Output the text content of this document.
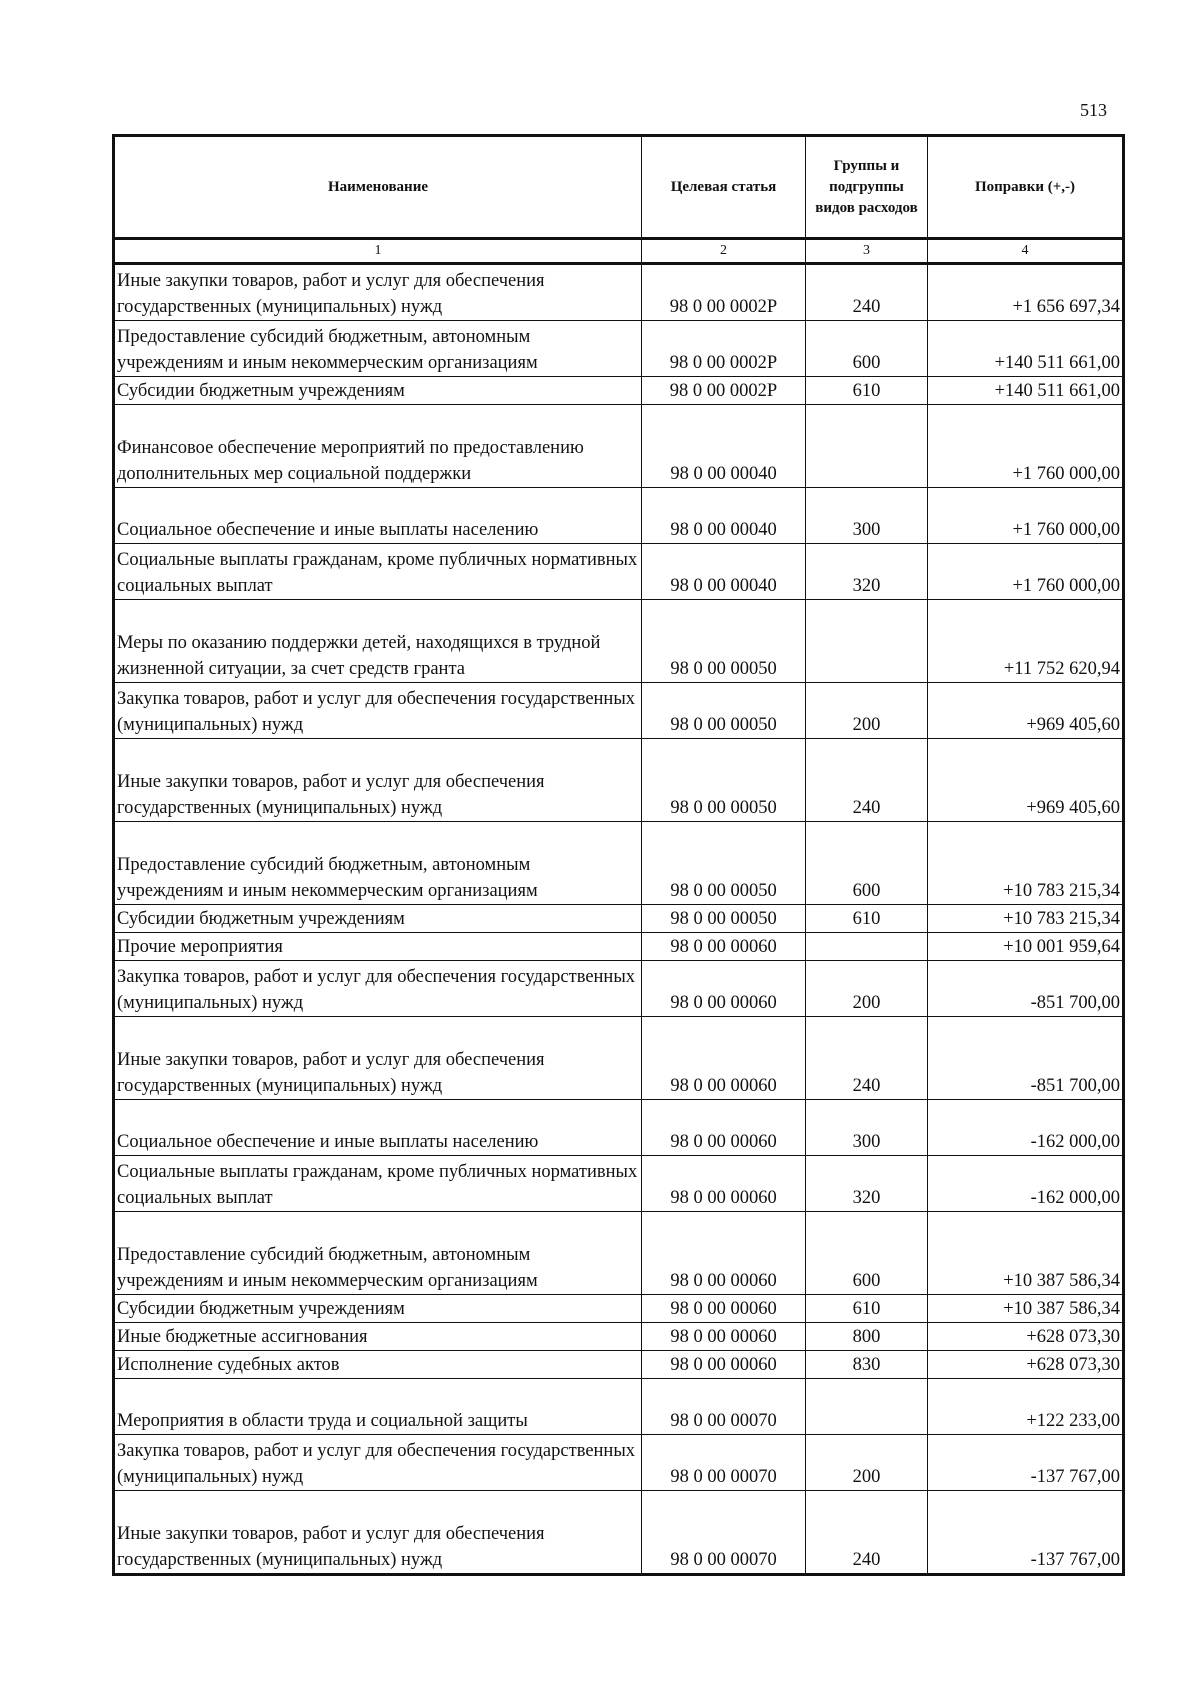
513
Наименование	Целевая статья	Группы и подгруппы видов расходов	Поправки (+,-)
1	2	3	4
Иные закупки товаров, работ и услуг для обеспечения государственных (муниципальных) нужд	98 0 00 0002Р	240	+1 656 697,34
Предоставление субсидий бюджетным, автономным учреждениям и иным некоммерческим организациям	98 0 00 0002Р	600	+140 511 661,00
Субсидии бюджетным учреждениям	98 0 00 0002Р	610	+140 511 661,00
Финансовое обеспечение мероприятий по предоставлению дополнительных мер социальной поддержки	98 0 00 00040		+1 760 000,00
Социальное обеспечение и иные выплаты населению	98 0 00 00040	300	+1 760 000,00
Социальные выплаты гражданам, кроме публичных нормативных социальных выплат	98 0 00 00040	320	+1 760 000,00
Меры по оказанию поддержки детей, находящихся в трудной жизненной ситуации, за счет средств гранта	98 0 00 00050		+11 752 620,94
Закупка товаров, работ и услуг для обеспечения государственных (муниципальных) нужд	98 0 00 00050	200	+969 405,60
Иные закупки товаров, работ и услуг для обеспечения государственных (муниципальных) нужд	98 0 00 00050	240	+969 405,60
Предоставление субсидий бюджетным, автономным учреждениям и иным некоммерческим организациям	98 0 00 00050	600	+10 783 215,34
Субсидии бюджетным учреждениям	98 0 00 00050	610	+10 783 215,34
Прочие мероприятия	98 0 00 00060		+10 001 959,64
Закупка товаров, работ и услуг для обеспечения государственных (муниципальных) нужд	98 0 00 00060	200	-851 700,00
Иные закупки товаров, работ и услуг для обеспечения государственных (муниципальных) нужд	98 0 00 00060	240	-851 700,00
Социальное обеспечение и иные выплаты населению	98 0 00 00060	300	-162 000,00
Социальные выплаты гражданам, кроме публичных нормативных социальных выплат	98 0 00 00060	320	-162 000,00
Предоставление субсидий бюджетным, автономным учреждениям и иным некоммерческим организациям	98 0 00 00060	600	+10 387 586,34
Субсидии бюджетным учреждениям	98 0 00 00060	610	+10 387 586,34
Иные бюджетные ассигнования	98 0 00 00060	800	+628 073,30
Исполнение судебных актов	98 0 00 00060	830	+628 073,30
Мероприятия в области труда и социальной защиты	98 0 00 00070		+122 233,00
Закупка товаров, работ и услуг для обеспечения государственных (муниципальных) нужд	98 0 00 00070	200	-137 767,00
Иные закупки товаров, работ и услуг для обеспечения государственных (муниципальных) нужд	98 0 00 00070	240	-137 767,00
